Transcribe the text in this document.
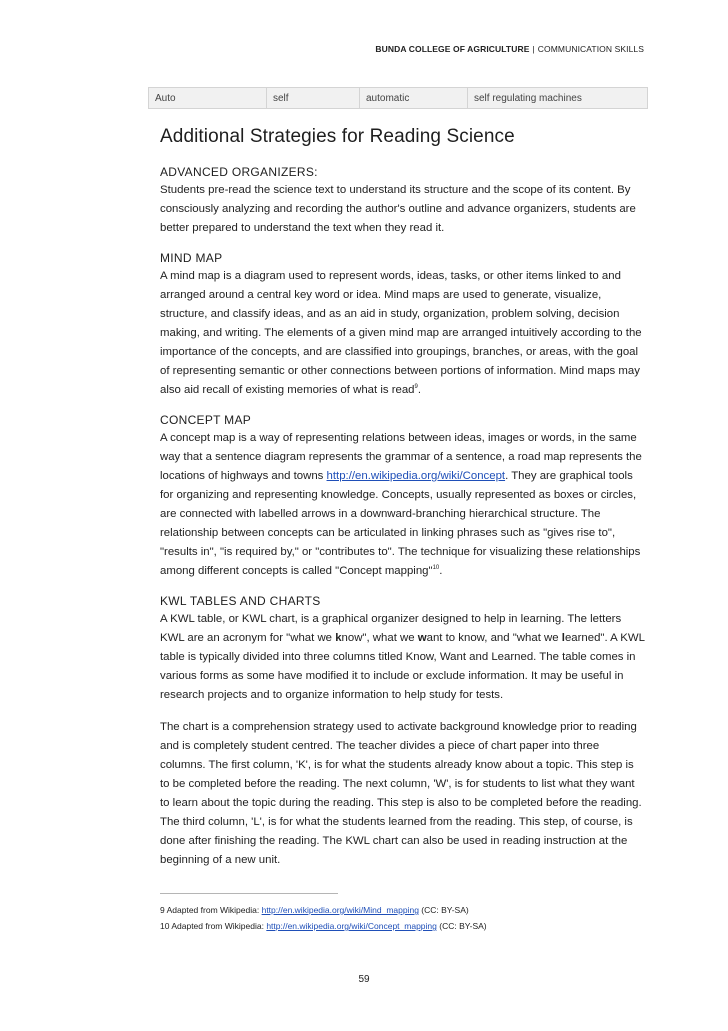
BUNDA COLLEGE OF AGRICULTURE | COMMUNICATION SKILLS
Auto	self	automatic	self regulating machines
Additional Strategies for Reading Science
ADVANCED ORGANIZERS:

Students pre-read the science text to understand its structure and the scope of its content. By consciously analyzing and recording the author's outline and advance organizers, students are better prepared to understand the text when they read it.

MIND MAP

A mind map is a diagram used to represent words, ideas, tasks, or other items linked to and arranged around a central key word or idea. Mind maps are used to generate, visualize, structure, and classify ideas, and as an aid in study, organization, problem solving, decision making, and writing. The elements of a given mind map are arranged intuitively according to the importance of the concepts, and are classified into groupings, branches, or areas, with the goal of representing semantic or other connections between portions of information. Mind maps may also aid recall of existing memories of what is read$^9$.

CONCEPT MAP

A concept map is a way of representing relations between ideas, images or words, in the same way that a sentence diagram represents the grammar of a sentence, a road map represents the locations of highways and towns http://en.wikipedia.org/wiki/Concept. They are graphical tools for organizing and representing knowledge. Concepts, usually represented as boxes or circles, are connected with labelled arrows in a downward-branching hierarchical structure. The relationship between concepts can be articulated in linking phrases such as "gives rise to", "results in", "is required by," or "contributes to". The technique for visualizing these relationships among different concepts is called "Concept mapping"$^{10}$.

KWL TABLES AND CHARTS

A KWL table, or KWL chart, is a graphical organizer designed to help in learning. The letters KWL are an acronym for "what we know", what we want to know, and "what we learned". A KWL table is typically divided into three columns titled Know, Want and Learned. The table comes in various forms as some have modified it to include or exclude information. It may be useful in research projects and to organize information to help study for tests.

The chart is a comprehension strategy used to activate background knowledge prior to reading and is completely student centred. The teacher divides a piece of chart paper into three columns. The first column, 'K', is for what the students already know about a topic. This step is to be completed before the reading. The next column, 'W', is for students to list what they want to learn about the topic during the reading. This step is also to be completed before the reading. The third column, 'L', is for what the students learned from the reading. This step, of course, is done after finishing the reading. The KWL chart can also be used in reading instruction at the beginning of a new unit.

9 Adapted from Wikipedia: http://en.wikipedia.org/wiki/Mind_mapping (CC: BY-SA)
10 Adapted from Wikipedia: http://en.wikipedia.org/wiki/Concept_mapping (CC: BY-SA)
59
